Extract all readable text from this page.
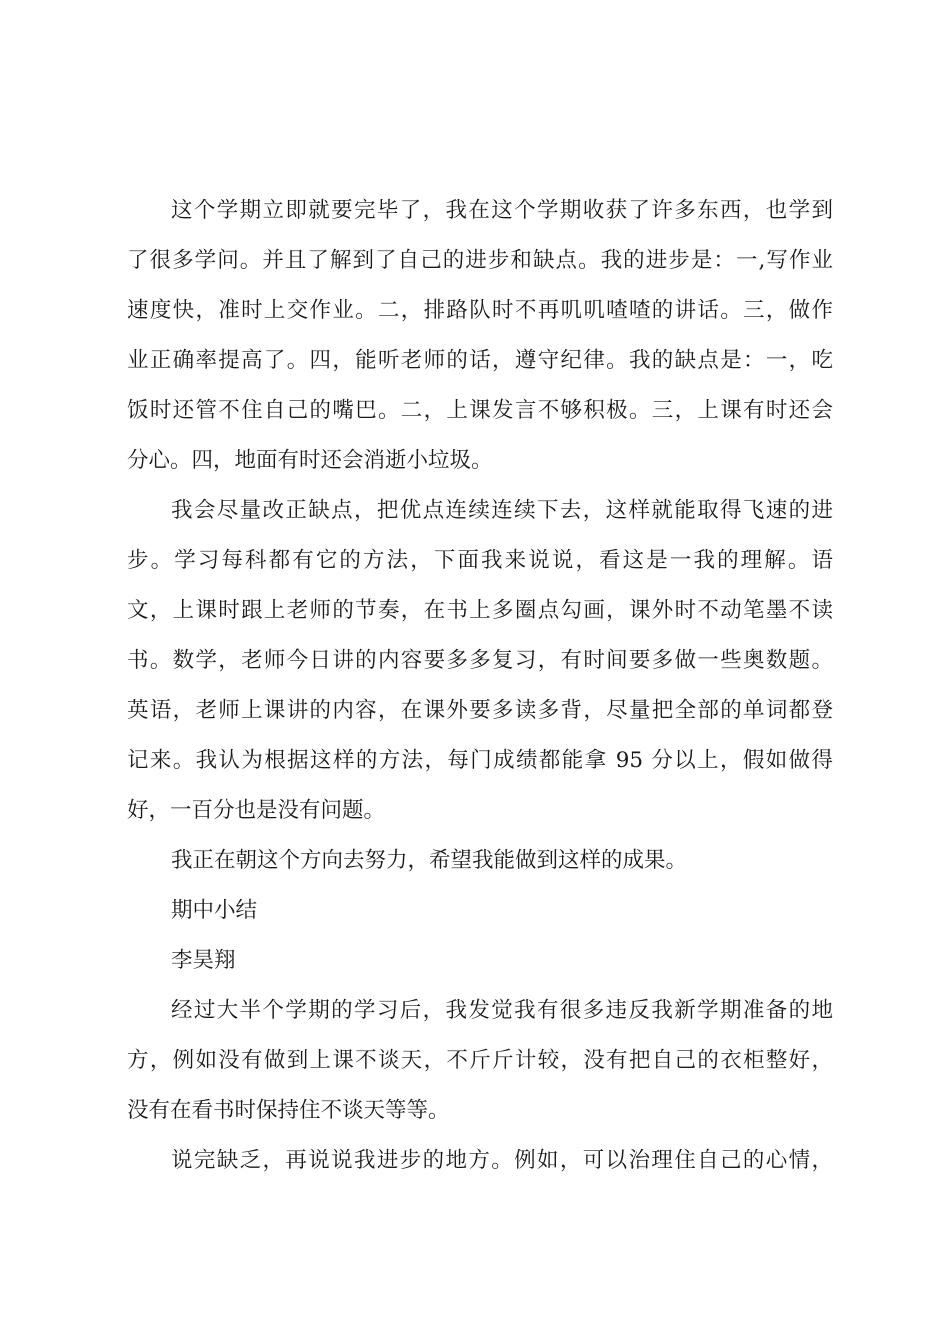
这个学期立即就要完毕了，我在这个学期收获了许多东西，也学到
了很多学问。并且了解到了自己的进步和缺点。我的进步是：一,写作业
速度快，准时上交作业。二，排路队时不再叽叽喳喳的讲话。三，做作
业正确率提高了。四，能听老师的话，遵守纪律。我的缺点是：一，吃
饭时还管不住自己的嘴巴。二，上课发言不够积极。三，上课有时还会
分心。四，地面有时还会消逝小垃圾。
我会尽量改正缺点，把优点连续连续下去，这样就能取得飞速的进
步。学习每科都有它的方法，下面我来说说，看这是一我的理解。语
文，上课时跟上老师的节奏，在书上多圈点勾画，课外时不动笔墨不读
书。数学，老师今日讲的内容要多多复习，有时间要多做一些奥数题。
英语，老师上课讲的内容，在课外要多读多背，尽量把全部的单词都登
记来。我认为根据这样的方法，每门成绩都能拿 95 分以上，假如做得
好，一百分也是没有问题。
我正在朝这个方向去努力，希望我能做到这样的成果。
期中小结
李昊翔
经过大半个学期的学习后，我发觉我有很多违反我新学期准备的地
方，例如没有做到上课不谈天，不斤斤计较，没有把自己的衣柜整好，
没有在看书时保持住不谈天等等。
说完缺乏，再说说我进步的地方。例如，可以治理住自己的心情，
